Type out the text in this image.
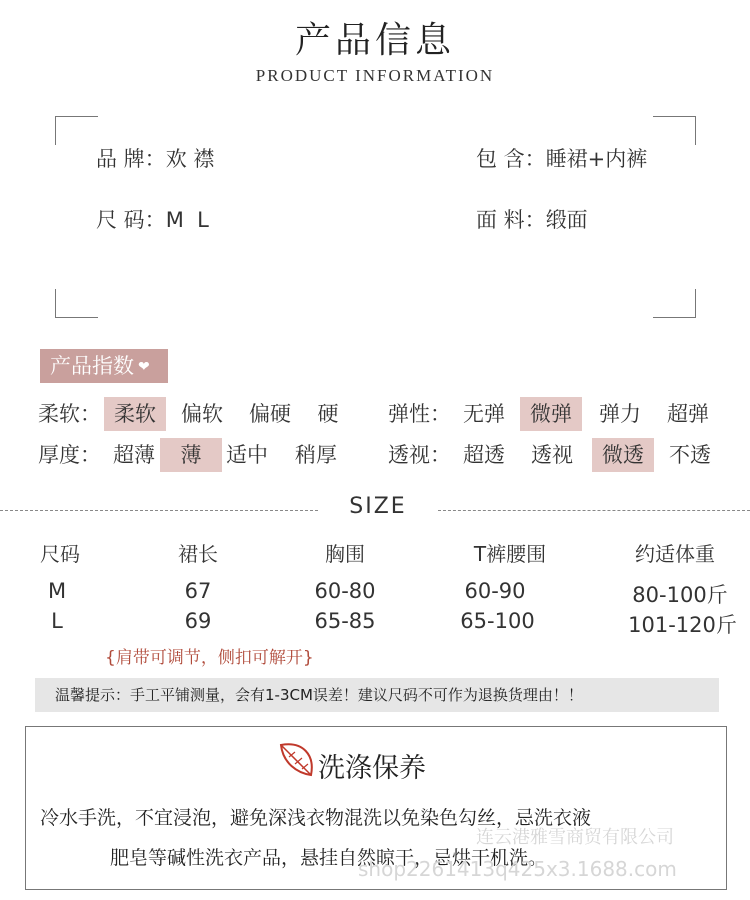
产品信息
PRODUCT INFORMATION
品 牌：欢 襟	包 含：睡裙+内裤
尺 码：M  L	面 料：缎面
产品指数 ❤
柔软： 柔软	偏软	偏硬	硬
厚度： 超薄	薄	适中 稍厚
弹性： 无弹	微弹	弹力 超弹
透视： 超透 透视	微透	不透
SIZE
尺码	裙长	胸围	T裤腰围	约适体重
M	67	60-80	60-90	80-100斤
L	69	65-85	65-100	101-120斤
{肩带可调节，侧扣可解开}
温馨提示：手工平铺测量，会有1-3CM误差！建议尺码不可作为退换货理由！！
洗涤保养
冷水手洗，不宜浸泡，避免深浅衣物混洗以免染色勾丝，忌洗衣液
肥皂等碱性洗衣产品，悬挂自然晾干，忌烘干机洗。
连云港雅雪商贸有限公司
shop2261413q425x3.1688.com
